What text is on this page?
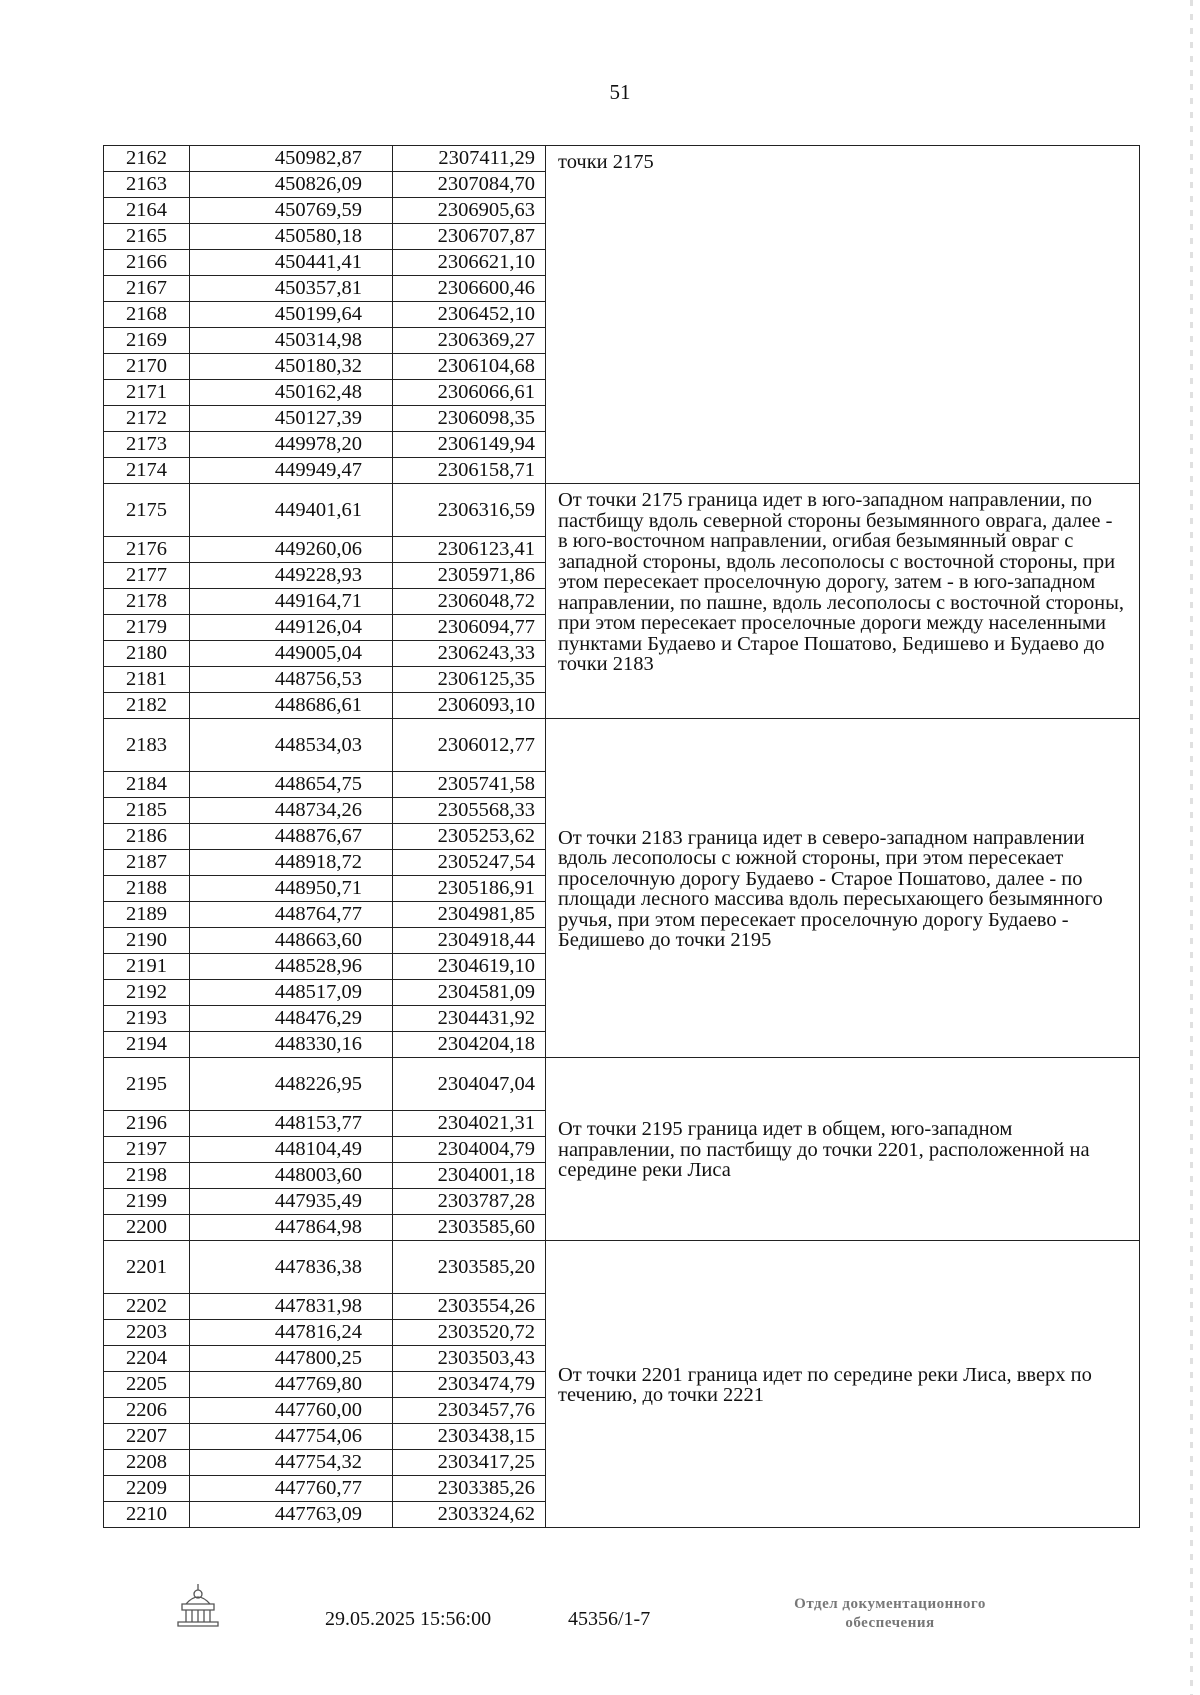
51
2162	450982,87	2307411,29	точки 2175
2163	450826,09	2307084,70	
2164	450769,59	2306905,63	
2165	450580,18	2306707,87	
2166	450441,41	2306621,10	
2167	450357,81	2306600,46	
2168	450199,64	2306452,10	
2169	450314,98	2306369,27	
2170	450180,32	2306104,68	
2171	450162,48	2306066,61	
2172	450127,39	2306098,35	
2173	449978,20	2306149,94	
2174	449949,47	2306158,71	
2175	449401,61	2306316,59	От точки 2175 граница идет в юго-западном направлении, по пастбищу вдоль северной стороны безымянного оврага, далее - в юго-восточном направлении, огибая безымянный овраг с западной стороны, вдоль лесополосы с восточной стороны, при этом пересекает проселочную дорогу, затем - в юго-западном направлении, по пашне, вдоль лесополосы с восточной стороны, при этом пересекает проселочные дороги между населенными пунктами Будаево и Старое Пошатово, Бедишево и Будаево до точки 2183
2176	449260,06	2306123,41	
2177	449228,93	2305971,86	
2178	449164,71	2306048,72	
2179	449126,04	2306094,77	
2180	449005,04	2306243,33	
2181	448756,53	2306125,35	
2182	448686,61	2306093,10	
2183	448534,03	2306012,77	От точки 2183 граница идет в северо-западном направлении вдоль лесополосы с южной стороны, при этом пересекает проселочную дорогу Будаево - Старое Пошатово, далее - по площади лесного массива вдоль пересыхающего безымянного ручья, при этом пересекает проселочную дорогу Будаево - Бедишево до точки 2195
2184	448654,75	2305741,58	
2185	448734,26	2305568,33	
2186	448876,67	2305253,62	
2187	448918,72	2305247,54	
2188	448950,71	2305186,91	
2189	448764,77	2304981,85	
2190	448663,60	2304918,44	
2191	448528,96	2304619,10	
2192	448517,09	2304581,09	
2193	448476,29	2304431,92	
2194	448330,16	2304204,18	
2195	448226,95	2304047,04	От точки 2195 граница идет в общем, юго-западном направлении, по пастбищу до точки 2201, расположенной на середине реки Лиса
2196	448153,77	2304021,31	
2197	448104,49	2304004,79	
2198	448003,60	2304001,18	
2199	447935,49	2303787,28	
2200	447864,98	2303585,60	
2201	447836,38	2303585,20	От точки 2201 граница идет по середине реки Лиса, вверх по течению, до точки 2221
2202	447831,98	2303554,26	
2203	447816,24	2303520,72	
2204	447800,25	2303503,43	
2205	447769,80	2303474,79	
2206	447760,00	2303457,76	
2207	447754,06	2303438,15	
2208	447754,32	2303417,25	
2209	447760,77	2303385,26	
2210	447763,09	2303324,62	
29.05.2025 15:56:00	45356/1-7
Отдел документационного
обеспечения
